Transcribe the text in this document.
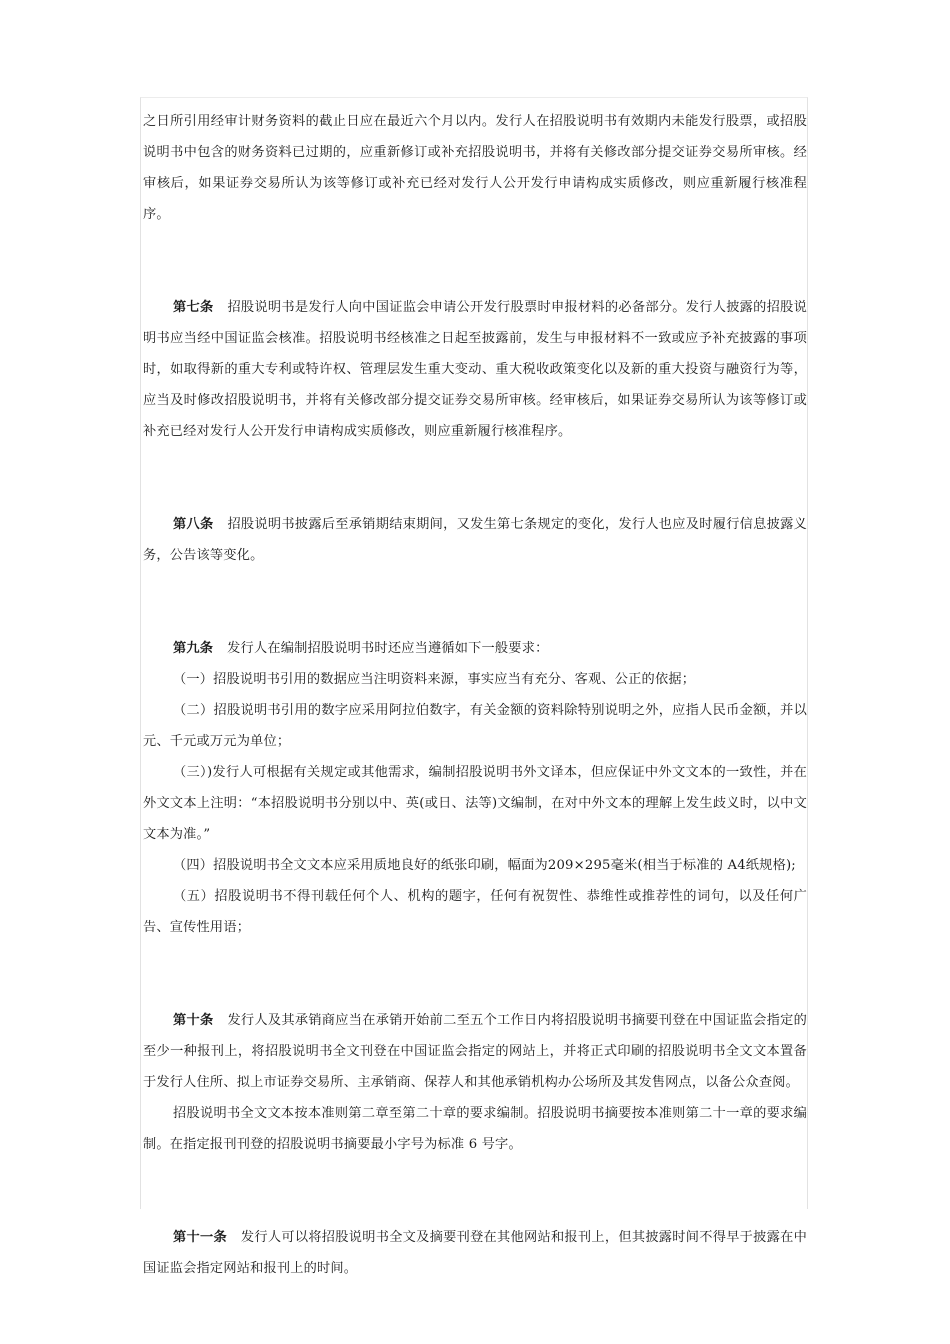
之日所引用经审计财务资料的截止日应在最近六个月以内。发行人在招股说明书有效期内未能发行股票，或招股说明书中包含的财务资料已过期的，应重新修订或补充招股说明书，并将有关修改部分提交证券交易所审核。经审核后，如果证券交易所认为该等修订或补充已经对发行人公开发行申请构成实质修改，则应重新履行核准程序。

第七条 招股说明书是发行人向中国证监会申请公开发行股票时申报材料的必备部分。发行人披露的招股说明书应当经中国证监会核准。招股说明书经核准之日起至披露前，发生与申报材料不一致或应予补充披露的事项时，如取得新的重大专利或特许权、管理层发生重大变动、重大税收政策变化以及新的重大投资与融资行为等，应当及时修改招股说明书，并将有关修改部分提交证券交易所审核。经审核后，如果证券交易所认为该等修订或补充已经对发行人公开发行申请构成实质修改，则应重新履行核准程序。

第八条 招股说明书披露后至承销期结束期间，又发生第七条规定的变化，发行人也应及时履行信息披露义务，公告该等变化。

第九条 发行人在编制招股说明书时还应当遵循如下一般要求：

（一）招股说明书引用的数据应当注明资料来源，事实应当有充分、客观、公正的依据；

（二）招股说明书引用的数字应采用阿拉伯数字，有关金额的资料除特别说明之外，应指人民币金额，并以元、千元或万元为单位；

（三）)发行人可根据有关规定或其他需求，编制招股说明书外文译本，但应保证中外文文本的一致性，并在外文文本上注明：“本招股说明书分别以中、英(或日、法等)文编制，在对中外文本的理解上发生歧义时，以中文文本为准。”

（四）招股说明书全文文本应采用质地良好的纸张印刷，幅面为209×295毫米(相当于标准的 A4纸规格);

（五）招股说明书不得刊载任何个人、机构的题字，任何有祝贺性、恭维性或推荐性的词句，以及任何广告、宣传性用语；

第十条 发行人及其承销商应当在承销开始前二至五个工作日内将招股说明书摘要刊登在中国证监会指定的至少一种报刊上，将招股说明书全文刊登在中国证监会指定的网站上，并将正式印刷的招股说明书全文文本置备于发行人住所、拟上市证券交易所、主承销商、保荐人和其他承销机构办公场所及其发售网点，以备公众查阅。

招股说明书全文文本按本准则第二章至第二十章的要求编制。招股说明书摘要按本准则第二十一章的要求编制。在指定报刊刊登的招股说明书摘要最小字号为标准 6 号字。

第十一条 发行人可以将招股说明书全文及摘要刊登在其他网站和报刊上，但其披露时间不得早于披露在中国证监会指定网站和报刊上的时间。
